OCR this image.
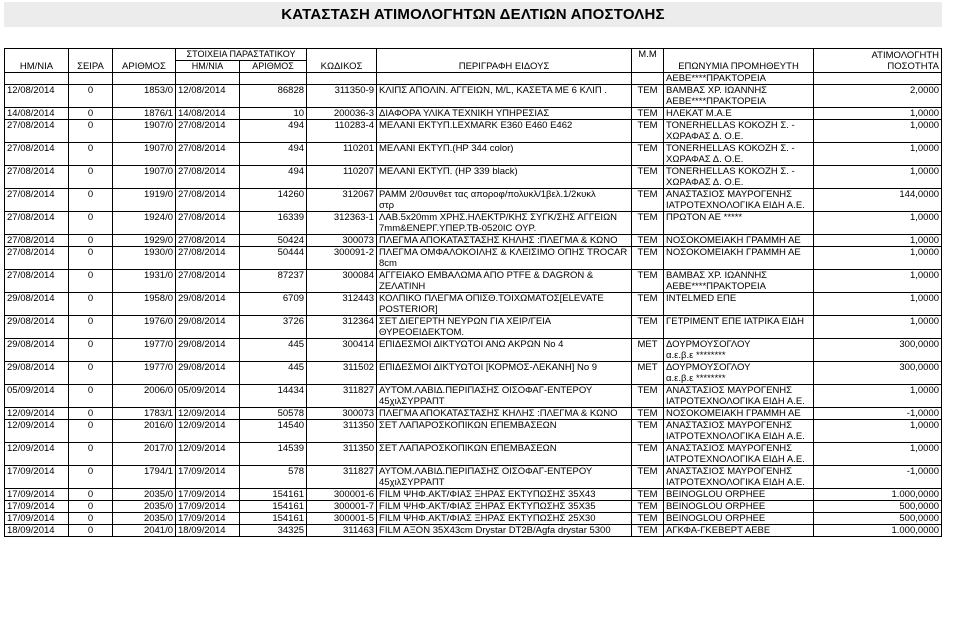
ΚΑΤΑΣΤΑΣΗ ΑΤΙΜΟΛΟΓΗΤΩΝ ΔΕΛΤΙΩΝ ΑΠΟΣΤΟΛΗΣ
ΗΜ/ΝΙΑ	ΣΕΙΡΑ	ΑΡΙΘΜΟΣ	ΣΤΟΙΧΕΙΑ ΠΑΡΑΣΤΑΤΙΚΟΥ		ΚΩΔΙΚΟΣ	ΠΕΡΙΓΡΑΦΗ ΕΙΔΟΥΣ	Μ.Μ	ΕΠΩΝΥΜΙΑ ΠΡΟΜΗΘΕΥΤΗ	ΑΤΙΜΟΛΟΓΗΤΗ
ΠΟΣΟΤΗΤΑ

			ΗΜ/ΝΙΑ	ΑΡΙΘΜΟΣ					
								ΑΕΒΕ****ΠΡΑΚΤΟΡΕΙΑ	
12/08/2014	0	1853/0	12/08/2014	86828	311350-9	ΚΛΙΠΣ ΑΠΟΛΙΝ. ΑΓΓΕΙΩΝ, M/L, ΚΑΣΕΤΑ ΜΕ 6 ΚΛΙΠ .	TEM	ΒΑΜΒΑΣ ΧΡ. ΙΩΑΝΝΗΣ
ΑΕΒΕ****ΠΡΑΚΤΟΡΕΙΑ	2,0000
14/08/2014	0	1876/1	14/08/2014	10	200036-3	ΔΙΑΦΟΡΑ ΥΛΙΚΑ ΤΕΧΝΙΚΗ ΥΠΗΡΕΣΙΑΣ	TEM	ΗΛΕΚΑΤ Μ.Α.Ε	1,0000
27/08/2014	0	1907/0	27/08/2014	494	110283-4	ΜΕΛΑΝΙ ΕΚΤΥΠ.LEXMARK E360 E460 E462	TEM	TONERHELLAS ΚΟΚΟΖΗ Σ. -
ΧΩΡΑΦΑΣ Δ. Ο.Ε.	1,0000
27/08/2014	0	1907/0	27/08/2014	494	110201	ΜΕΛΑΝΙ ΕΚΤΥΠ.(HP 344 color)	TEM	TONERHELLAS ΚΟΚΟΖΗ Σ. -
ΧΩΡΑΦΑΣ Δ. Ο.Ε.	1,0000
27/08/2014	0	1907/0	27/08/2014	494	110207	ΜΕΛΑΝΙ ΕΚΤΥΠ. (HP 339 black)	TEM	TONERHELLAS ΚΟΚΟΖΗ Σ. -
ΧΩΡΑΦΑΣ Δ. Ο.Ε.	1,0000
27/08/2014	0	1919/0	27/08/2014	14260	312067	ΡΑΜΜ 2/0συνθετ τας αποροφ/πολυκλ/1βελ.1/2κυκλ
στρ	TEM	ΑΝΑΣΤΑΣΙΟΣ ΜΑΥΡΟΓΕΝΗΣ
ΙΑΤΡΟΤΕΧΝΟΛΟΓΙΚΑ ΕΙΔΗ Α.Ε.	144,0000
27/08/2014	0	1924/0	27/08/2014	16339	312363-1	ΛΑΒ.5x20mm ΧΡΗΣ.ΗΛΕΚΤΡ/ΚΗΣ ΣΥΓΚ/ΣΗΣ ΑΓΓΕΙΩΝ
7mm&ΕΝΕΡΓ.ΥΠΕΡ.ΤΒ-0520IC ΟΥΡ.	TEM	ΠΡΩΤΟΝ ΑΕ *****	1,0000
27/08/2014	0	1929/0	27/08/2014	50424	300073	ΠΛΕΓΜΑ ΑΠΟΚΑΤΑΣΤΑΣΗΣ ΚΗΛΗΣ :ΠΛΕΓΜΑ & ΚΩΝΟ	TEM	ΝΟΣΟΚΟΜΕΙΑΚΗ ΓΡΑΜΜΗ ΑΕ	1,0000
27/08/2014	0	1930/0	27/08/2014	50444	300091-2	ΠΛΕΓΜΑ ΟΜΦΑΛΟΚΟΙΛΗΣ & ΚΛΕΙΣΙΜΟ ΟΠΗΣ TROCAR
8cm	TEM	ΝΟΣΟΚΟΜΕΙΑΚΗ ΓΡΑΜΜΗ ΑΕ	1,0000
27/08/2014	0	1931/0	27/08/2014	87237	300084	ΑΓΓΕΙΑΚΟ ΕΜΒΑΛΩΜΑ ΑΠΟ PTFE & DAGRON &
ΖΕΛΑΤΙΝΗ	TEM	ΒΑΜΒΑΣ ΧΡ. ΙΩΑΝΝΗΣ
ΑΕΒΕ****ΠΡΑΚΤΟΡΕΙΑ	1,0000
29/08/2014	0	1958/0	29/08/2014	6709	312443	ΚΟΛΠΙΚΟ ΠΛΕΓΜΑ ΟΠΙΣΘ.ΤΟΙΧΩΜΑΤΟΣ[ELEVATE
POSTERIOR]	TEM	INTELMED ΕΠΕ	1,0000
29/08/2014	0	1976/0	29/08/2014	3726	312364	ΣΕΤ ΔΙΕΓΕΡΤΗ ΝΕΥΡΩΝ ΓΙΑ ΧΕΙΡ/ΓΕΙΑ
ΘΥΡΕΟΕΙΔΕΚΤΟΜ.	TEM	ΓΕΤΡΙΜΕΝΤ ΕΠΕ ΙΑΤΡΙΚΑ ΕΙΔΗ	1,0000
29/08/2014	0	1977/0	29/08/2014	445	300414	ΕΠΙΔΕΣΜΟΙ ΔΙΚΤΥΩΤΟΙ ΑΝΩ ΑΚΡΩΝ Νο 4	ΜΕΤ	ΔΟΥΡΜΟΥΣΟΓΛΟΥ
α.ε.β.ε ********	300,0000
29/08/2014	0	1977/0	29/08/2014	445	311502	ΕΠΙΔΕΣΜΟΙ ΔΙΚΤΥΩΤΟΙ [ΚΟΡΜΟΣ-ΛΕΚΑΝΗ] Νο 9	ΜΕΤ	ΔΟΥΡΜΟΥΣΟΓΛΟΥ
α.ε.β.ε ********	300,0000
05/09/2014	0	2006/0	05/09/2014	14434	311827	ΑΥΤΟΜ.ΛΑΒΙΔ.ΠΕΡΙΠΑΣΗΣ ΟΙΣΟΦΑΓ-ΕΝΤΕΡΟΥ
45χιλΣΥΡΡΑΠΤ	TEM	ΑΝΑΣΤΑΣΙΟΣ ΜΑΥΡΟΓΕΝΗΣ
ΙΑΤΡΟΤΕΧΝΟΛΟΓΙΚΑ ΕΙΔΗ Α.Ε.	1,0000
12/09/2014	0	1783/1	12/09/2014	50578	300073	ΠΛΕΓΜΑ ΑΠΟΚΑΤΑΣΤΑΣΗΣ ΚΗΛΗΣ :ΠΛΕΓΜΑ & ΚΩΝΟ	TEM	ΝΟΣΟΚΟΜΕΙΑΚΗ ΓΡΑΜΜΗ ΑΕ	-1,0000
12/09/2014	0	2016/0	12/09/2014	14540	311350	ΣΕΤ ΛΑΠΑΡΟΣΚΟΠΙΚΩΝ ΕΠΕΜΒΑΣΕΩΝ	TEM	ΑΝΑΣΤΑΣΙΟΣ ΜΑΥΡΟΓΕΝΗΣ
ΙΑΤΡΟΤΕΧΝΟΛΟΓΙΚΑ ΕΙΔΗ Α.Ε.	1,0000
12/09/2014	0	2017/0	12/09/2014	14539	311350	ΣΕΤ ΛΑΠΑΡΟΣΚΟΠΙΚΩΝ ΕΠΕΜΒΑΣΕΩΝ	TEM	ΑΝΑΣΤΑΣΙΟΣ ΜΑΥΡΟΓΕΝΗΣ
ΙΑΤΡΟΤΕΧΝΟΛΟΓΙΚΑ ΕΙΔΗ Α.Ε.	1,0000
17/09/2014	0	1794/1	17/09/2014	578	311827	ΑΥΤΟΜ.ΛΑΒΙΔ.ΠΕΡΙΠΑΣΗΣ ΟΙΣΟΦΑΓ-ΕΝΤΕΡΟΥ
45χιλΣΥΡΡΑΠΤ	TEM	ΑΝΑΣΤΑΣΙΟΣ ΜΑΥΡΟΓΕΝΗΣ
ΙΑΤΡΟΤΕΧΝΟΛΟΓΙΚΑ ΕΙΔΗ Α.Ε.	-1,0000
17/09/2014	0	2035/0	17/09/2014	154161	300001-6	FILM ΨΗΦ.ΑΚΤ/ΦΙΑΣ ΞΗΡΑΣ ΕΚΤΥΠΩΣΗΣ 35X43	TEM	BEINOGLOU ORPHEE	1.000,0000
17/09/2014	0	2035/0	17/09/2014	154161	300001-7	FILM ΨΗΦ.ΑΚΤ/ΦΙΑΣ ΞΗΡΑΣ ΕΚΤΥΠΩΣΗΣ 35X35	TEM	BEINOGLOU ORPHEE	500,0000
17/09/2014	0	2035/0	17/09/2014	154161	300001-5	FILM ΨΗΦ.ΑΚΤ/ΦΙΑΣ ΞΗΡΑΣ ΕΚΤΥΠΩΣΗΣ 25X30	TEM	BEINOGLOU ORPHEE	500,0000
18/09/2014	0	2041/0	18/09/2014	34325	311463	FILM ΑΞΟΝ 35X43cm Drystar DT2B/Agfa drystar 5300	TEM	ΑΓΚΦΑ-ΓΚΕΒΕΡΤ ΑΕΒΕ	1.000,0000
